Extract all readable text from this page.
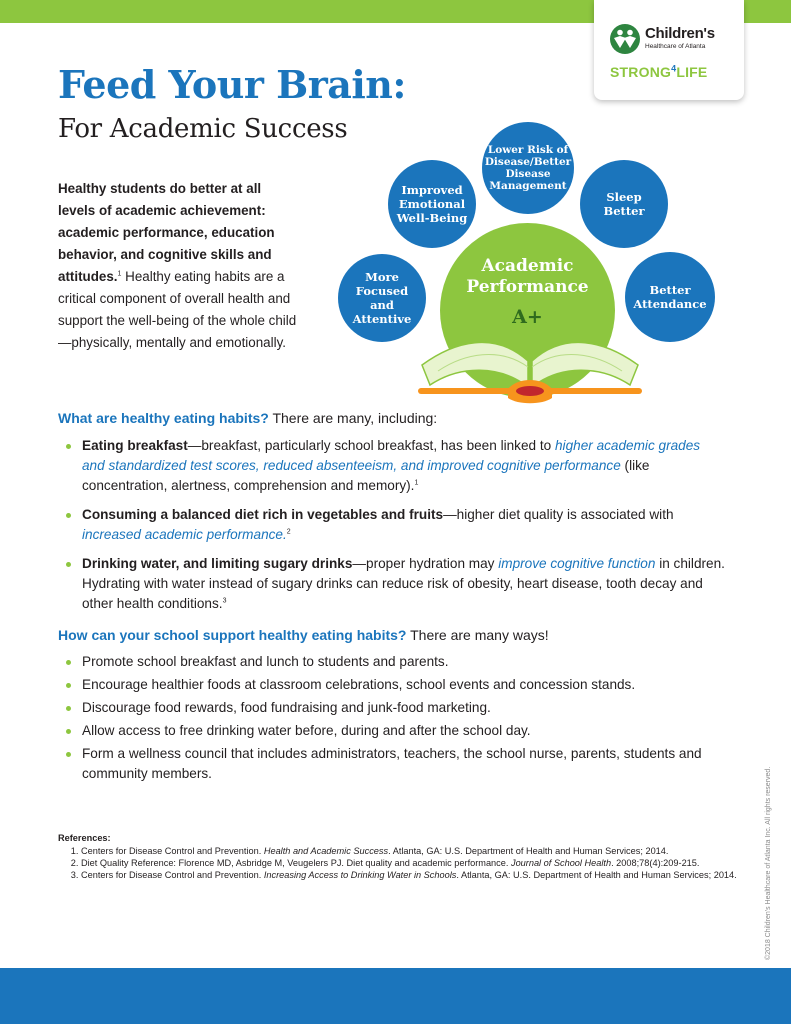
Children's
Healthcare of Atlanta
STRONG$^4$LIFE
Feed Your Brain:
For Academic Success
Healthy students do better at all levels of academic achievement: academic performance, education behavior, and cognitive skills and attitudes.$^1$ Healthy eating habits are a critical component of overall health and support the well-being of the whole child—physically, mentally and emotionally.
More Focused and Attentive
Improved Emotional Well-Being
Lower Risk of Disease/Better Disease Management
Sleep Better
Better Attendance
Academic Performance
A+
What are healthy eating habits? There are many, including:
Eating breakfast—breakfast, particularly school breakfast, has been linked to higher academic grades and standardized test scores, reduced absenteeism, and improved cognitive performance (like concentration, alertness, comprehension and memory).$^1$
Consuming a balanced diet rich in vegetables and fruits—higher diet quality is associated with increased academic performance.$^2$
Drinking water, and limiting sugary drinks—proper hydration may improve cognitive function in children. Hydrating with water instead of sugary drinks can reduce risk of obesity, heart disease, tooth decay and other health conditions.$^3$
How can your school support healthy eating habits? There are many ways!
Promote school breakfast and lunch to students and parents.
Encourage healthier foods at classroom celebrations, school events and concession stands.
Discourage food rewards, food fundraising and junk-food marketing.
Allow access to free drinking water before, during and after the school day.
Form a wellness council that includes administrators, teachers, the school nurse, parents, students and community members.
References:
1. Centers for Disease Control and Prevention. Health and Academic Success. Atlanta, GA: U.S. Department of Health and Human Services; 2014.
2. Diet Quality Reference: Florence MD, Asbridge M, Veugelers PJ. Diet quality and academic performance. Journal of School Health. 2008;78(4):209-215.
3. Centers for Disease Control and Prevention. Increasing Access to Drinking Water in Schools. Atlanta, GA: U.S. Department of Health and Human Services; 2014.	©2018 Children's Healthcare of Atlanta Inc. All rights reserved.
